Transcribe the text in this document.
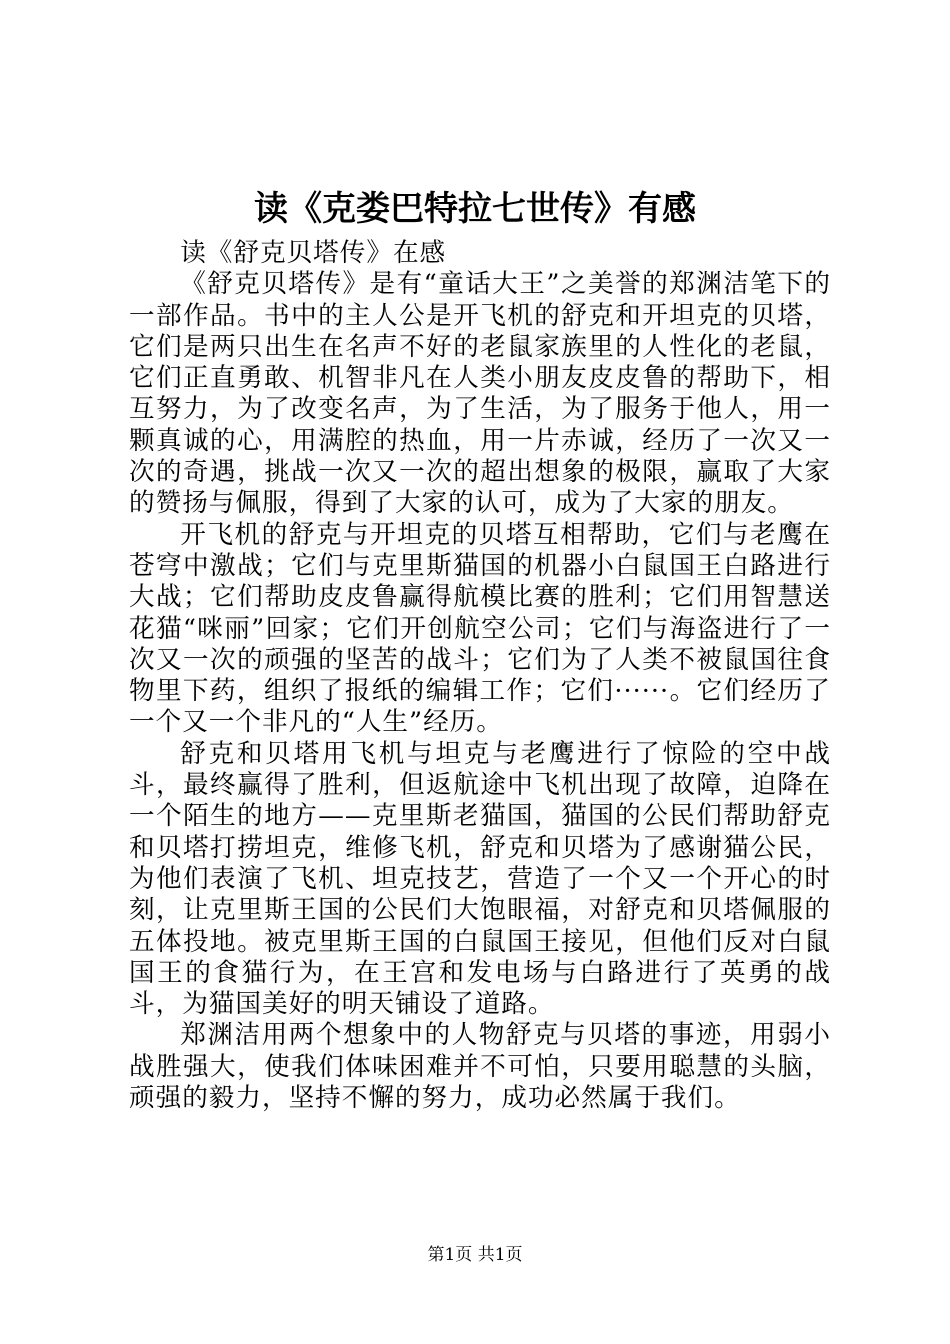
读《克娄巴特拉七世传》有感

读《舒克贝塔传》在感

《舒克贝塔传》是有“童话大王”之美誉的郑渊洁笔下的一部作品。书中的主人公是开飞机的舒克和开坦克的贝塔，它们是两只出生在名声不好的老鼠家族里的人性化的老鼠，它们正直勇敢、机智非凡在人类小朋友皮皮鲁的帮助下，相互努力，为了改变名声，为了生活，为了服务于他人，用一颗真诚的心，用满腔的热血，用一片赤诚，经历了一次又一次的奇遇，挑战一次又一次的超出想象的极限，赢取了大家的赞扬与佩服，得到了大家的认可，成为了大家的朋友。

开飞机的舒克与开坦克的贝塔互相帮助，它们与老鹰在苍穹中激战；它们与克里斯猫国的机器小白鼠国王白路进行大战；它们帮助皮皮鲁赢得航模比赛的胜利；它们用智慧送花猫“咪丽”回家；它们开创航空公司；它们与海盗进行了一次又一次的顽强的坚苦的战斗；它们为了人类不被鼠国往食物里下药，组织了报纸的编辑工作；它们······。它们经历了一个又一个非凡的“人生”经历。

舒克和贝塔用飞机与坦克与老鹰进行了惊险的空中战斗，最终赢得了胜利，但返航途中飞机出现了故障，迫降在一个陌生的地方——克里斯老猫国，猫国的公民们帮助舒克和贝塔打捞坦克，维修飞机，舒克和贝塔为了感谢猫公民，为他们表演了飞机、坦克技艺，营造了一个又一个开心的时刻，让克里斯王国的公民们大饱眼福，对舒克和贝塔佩服的五体投地。被克里斯王国的白鼠国王接见，但他们反对白鼠国王的食猫行为，在王宫和发电场与白路进行了英勇的战斗，为猫国美好的明天铺设了道路。

郑渊洁用两个想象中的人物舒克与贝塔的事迹，用弱小战胜强大，使我们体味困难并不可怕，只要用聪慧的头脑，顽强的毅力，坚持不懈的努力，成功必然属于我们。

第1页 共1页
